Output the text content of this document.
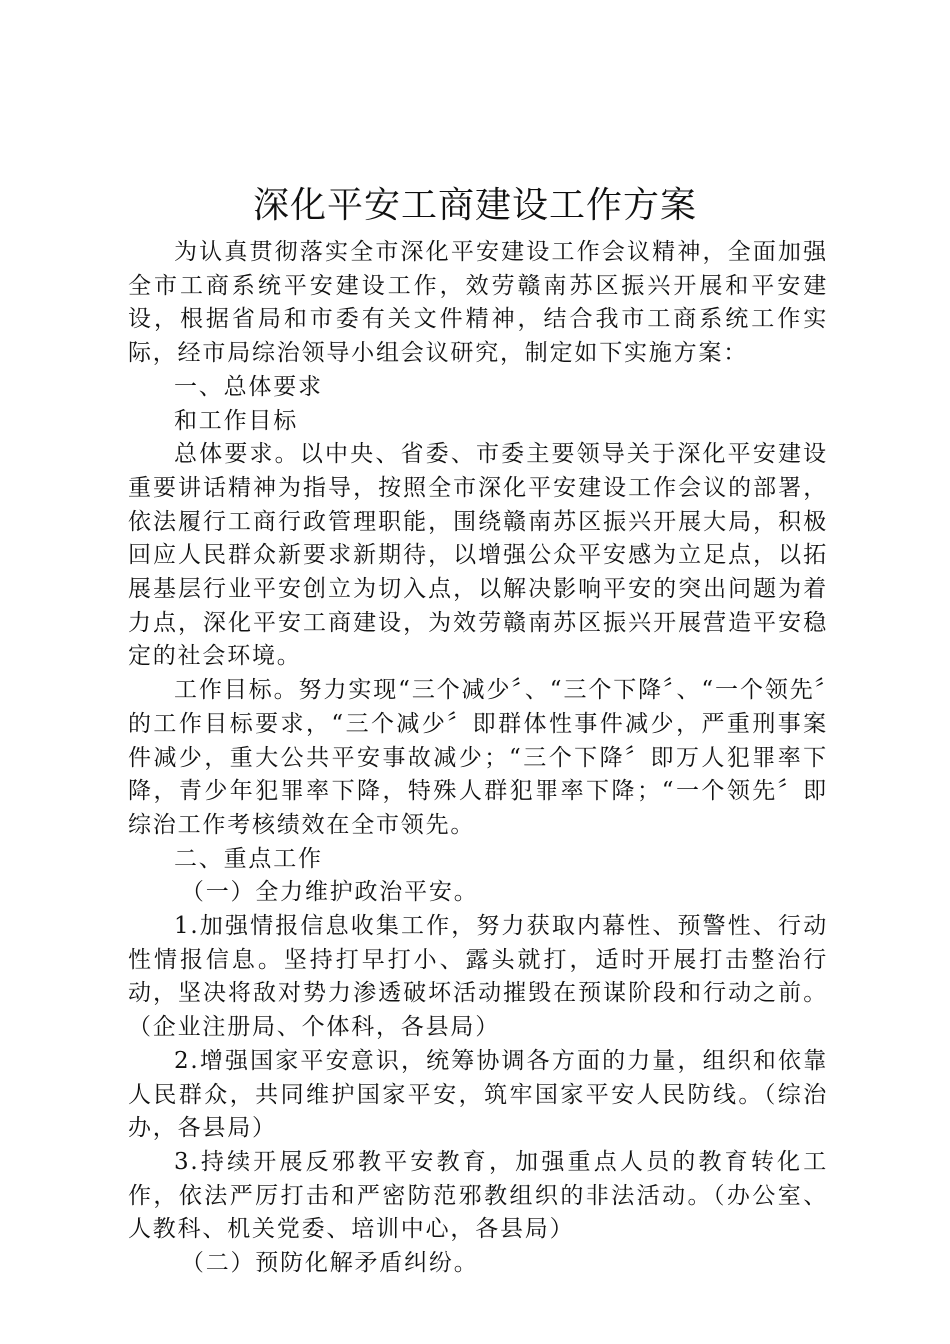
深化平安工商建设工作方案

为认真贯彻落实全市深化平安建设工作会议精神，全面加强全市工商系统平安建设工作，效劳赣南苏区振兴开展和平安建设，根据省局和市委有关文件精神，结合我市工商系统工作实际，经市局综治领导小组会议研究，制定如下实施方案：

一、总体要求

和工作目标

总体要求。以中央、省委、市委主要领导关于深化平安建设重要讲话精神为指导，按照全市深化平安建设工作会议的部署，依法履行工商行政管理职能，围绕赣南苏区振兴开展大局，积极回应人民群众新要求新期待，以增强公众平安感为立足点，以拓展基层行业平安创立为切入点，以解决影响平安的突出问题为着力点，深化平安工商建设，为效劳赣南苏区振兴开展营造平安稳定的社会环境。

工作目标。努力实现“三个减少〞、“三个下降〞、“一个领先〞的工作目标要求，“三个减少〞即群体性事件减少，严重刑事案件减少，重大公共平安事故减少；“三个下降〞即万人犯罪率下降，青少年犯罪率下降，特殊人群犯罪率下降；“一个领先〞即综治工作考核绩效在全市领先。

二、重点工作

（一）全力维护政治平安。

1.加强情报信息收集工作，努力获取内幕性、预警性、行动性情报信息。坚持打早打小、露头就打，适时开展打击整治行动，坚决将敌对势力渗透破坏活动摧毁在预谋阶段和行动之前。（企业注册局、个体科，各县局）

2.增强国家平安意识，统筹协调各方面的力量，组织和依靠人民群众，共同维护国家平安，筑牢国家平安人民防线。（综治办，各县局）

3.持续开展反邪教平安教育，加强重点人员的教育转化工作，依法严厉打击和严密防范邪教组织的非法活动。（办公室、人教科、机关党委、培训中心，各县局）

（二）预防化解矛盾纠纷。
